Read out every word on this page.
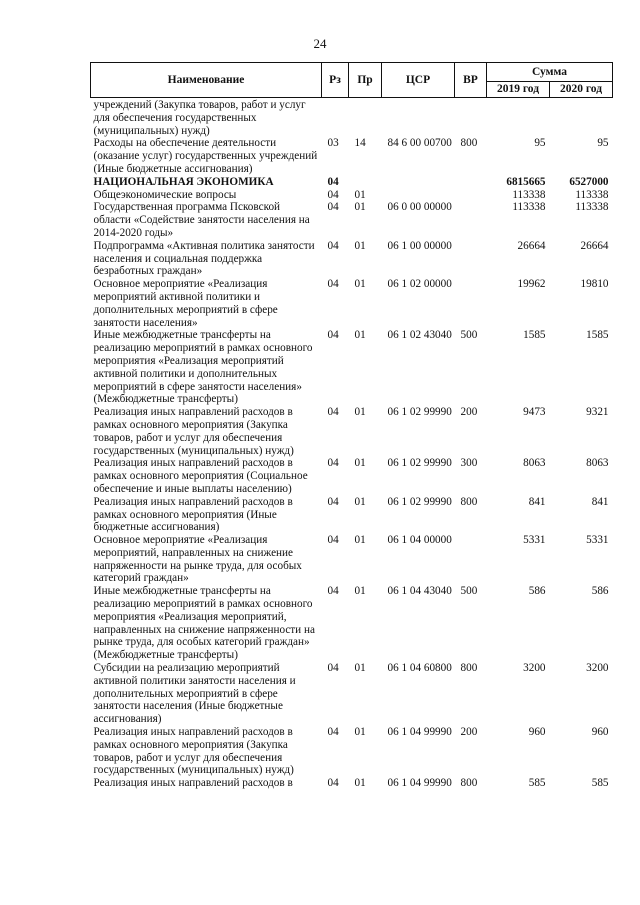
24
Наименование	Рз	Пр	ЦСР	ВР	Сумма	
					2019 год	2020 год
учреждений (Закупка товаров, работ и услуг для обеспечения государственных (муниципальных) нужд)						
Расходы на обеспечение деятельности (оказание услуг) государственных учреждений (Иные бюджетные ассигнования)	03	14	84 6 00 00700	800	95	95
НАЦИОНАЛЬНАЯ ЭКОНОМИКА	04				6815665	6527000
Общеэкономические вопросы	04	01			113338	113338
Государственная программа Псковской области «Содействие занятости населения на 2014-2020 годы»	04	01	06 0 00 00000		113338	113338
Подпрограмма «Активная политика занятости населения и социальная поддержка безработных граждан»	04	01	06 1 00 00000		26664	26664
Основное мероприятие «Реализация мероприятий активной политики и дополнительных мероприятий в сфере занятости населения»	04	01	06 1 02 00000		19962	19810
Иные межбюджетные трансферты на реализацию мероприятий в рамках основного мероприятия «Реализация мероприятий активной политики и дополнительных мероприятий в сфере занятости населения» (Межбюджетные трансферты)	04	01	06 1 02 43040	500	1585	1585
Реализация иных направлений расходов в рамках основного мероприятия (Закупка товаров, работ и услуг для обеспечения государственных (муниципальных) нужд)	04	01	06 1 02 99990	200	9473	9321
Реализация иных направлений расходов в рамках основного мероприятия (Социальное обеспечение и иные выплаты населению)	04	01	06 1 02 99990	300	8063	8063
Реализация иных направлений расходов в рамках основного мероприятия (Иные бюджетные ассигнования)	04	01	06 1 02 99990	800	841	841
Основное мероприятие «Реализация мероприятий, направленных на снижение напряженности на рынке труда, для особых категорий граждан»	04	01	06 1 04 00000		5331	5331
Иные межбюджетные трансферты на реализацию мероприятий в рамках основного мероприятия «Реализация мероприятий, направленных на снижение напряженности на рынке труда, для особых категорий граждан» (Межбюджетные трансферты)	04	01	06 1 04 43040	500	586	586
Субсидии на реализацию мероприятий активной политики занятости населения и дополнительных мероприятий в сфере занятости населения (Иные бюджетные ассигнования)	04	01	06 1 04 60800	800	3200	3200
Реализация иных направлений расходов в рамках основного мероприятия (Закупка товаров, работ и услуг для обеспечения государственных (муниципальных) нужд)	04	01	06 1 04 99990	200	960	960
Реализация иных направлений расходов в	04	01	06 1 04 99990	800	585	585
